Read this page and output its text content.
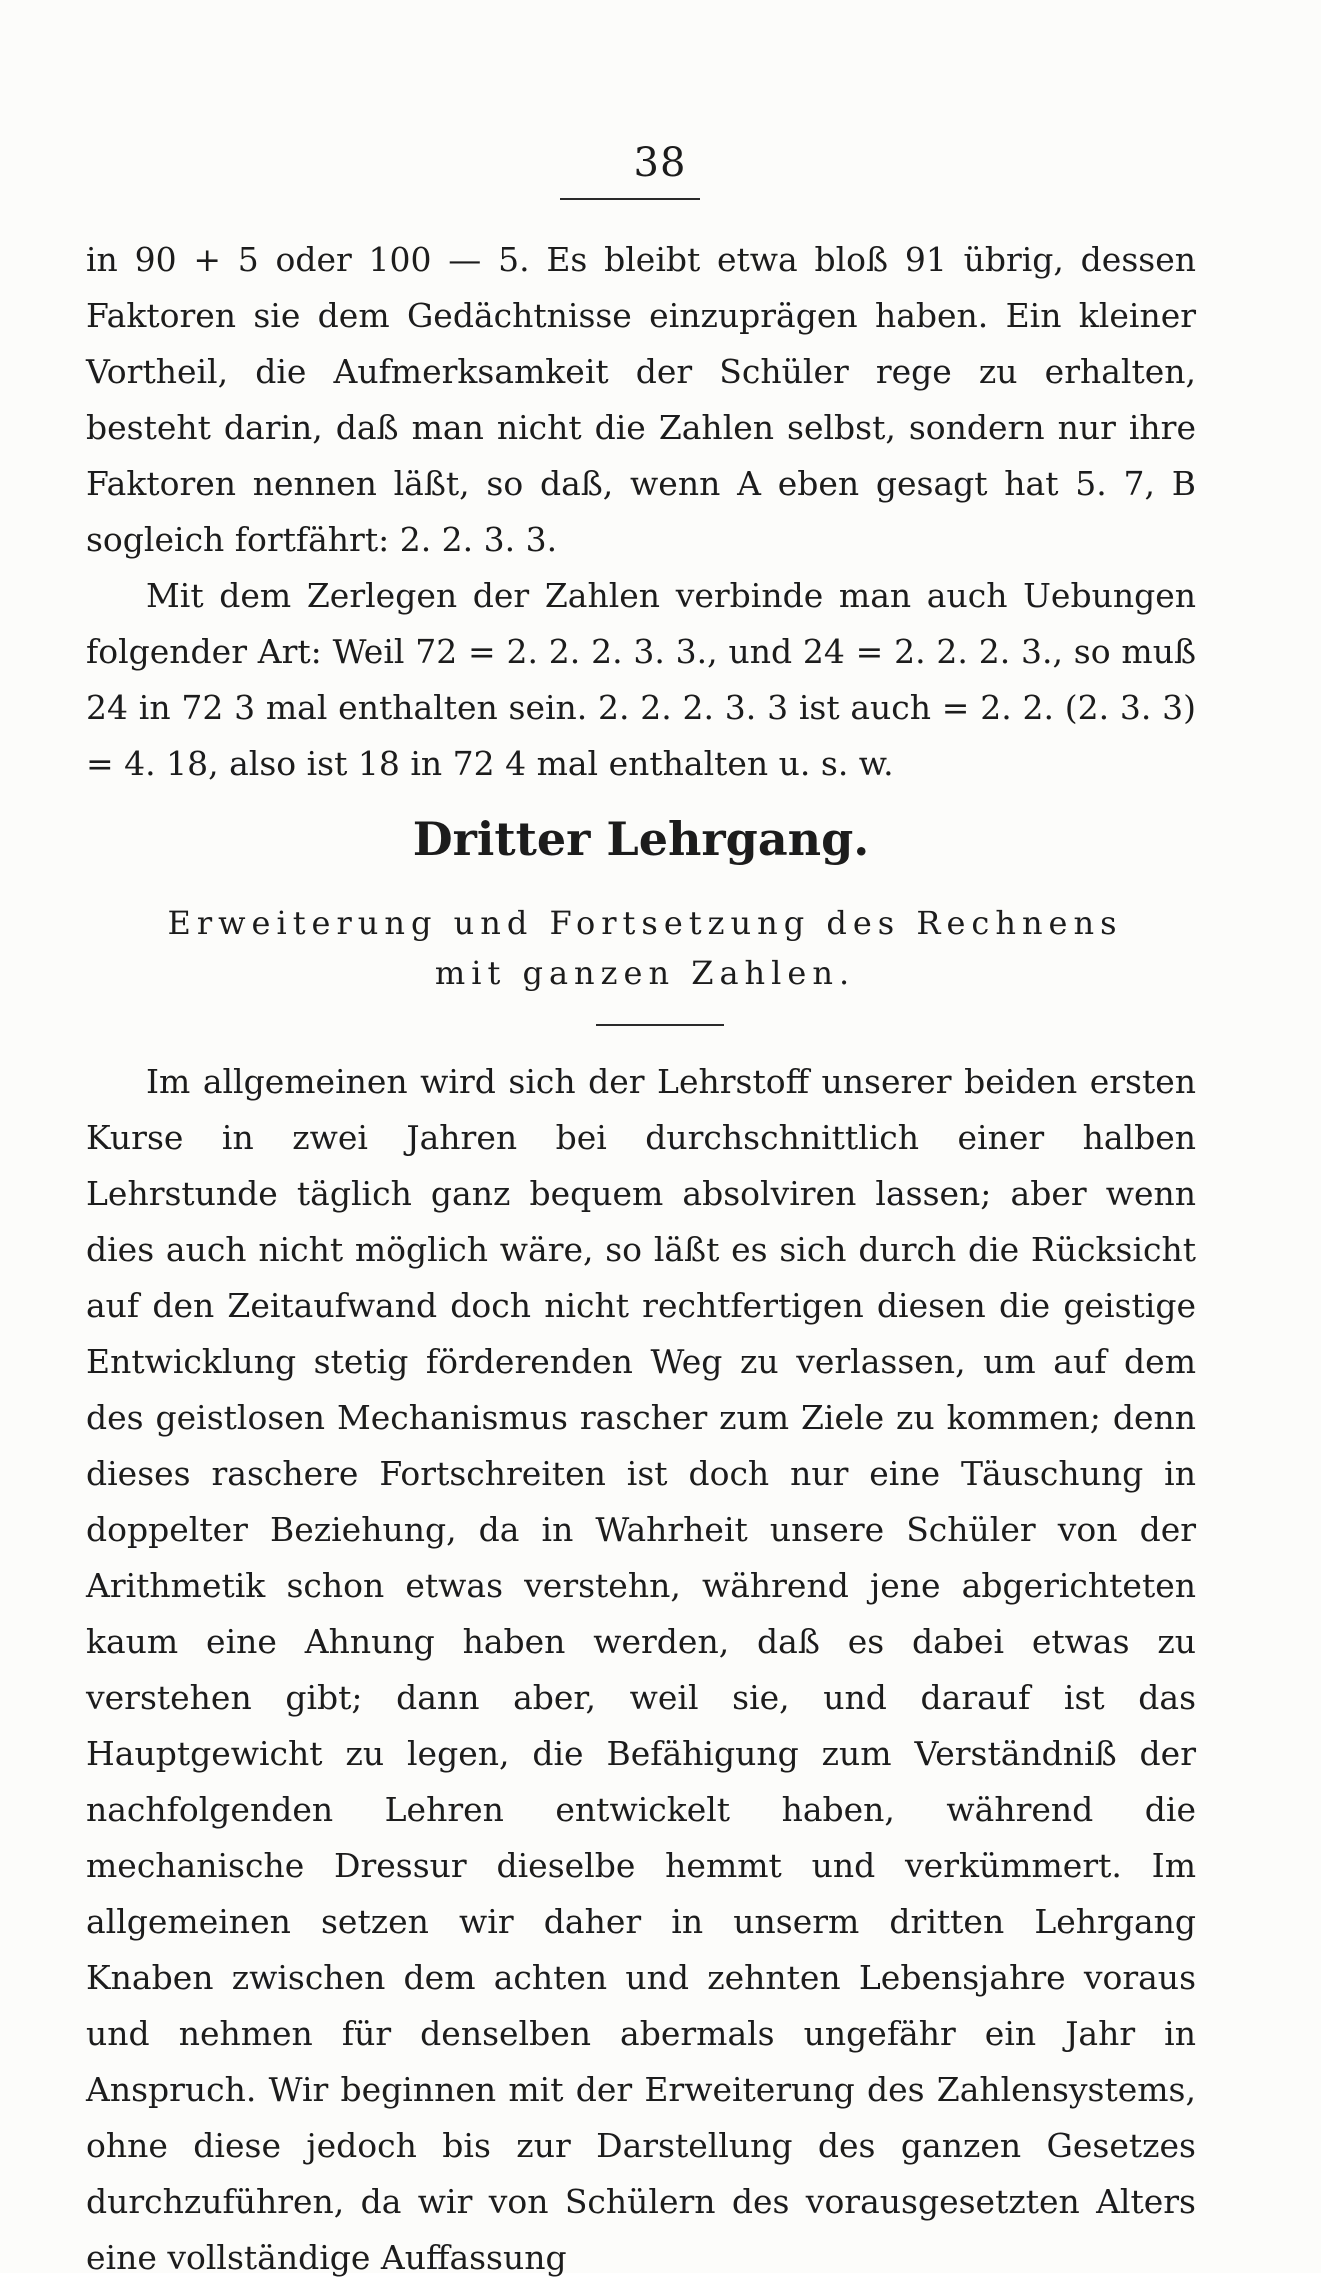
38

in 90 + 5 oder 100 — 5. Es bleibt etwa bloß 91 übrig, dessen Faktoren sie dem Gedächtnisse einzuprägen haben. Ein kleiner Vortheil, die Aufmerksamkeit der Schüler rege zu erhalten, besteht darin, daß man nicht die Zahlen selbst, sondern nur ihre Faktoren nennen läßt, so daß, wenn A eben gesagt hat 5. 7, B sogleich fortfährt: 2. 2. 3. 3.

Mit dem Zerlegen der Zahlen verbinde man auch Uebungen folgender Art: Weil 72 = 2. 2. 2. 3. 3., und 24 = 2. 2. 2. 3., so muß 24 in 72 3 mal enthalten sein. 2. 2. 2. 3. 3 ist auch = 2. 2. (2. 3. 3) = 4. 18, also ist 18 in 72 4 mal enthalten u. s. w.

Dritter Lehrgang.
Erweiterung und Fortsetzung des Rechnens mit ganzen Zahlen.

Im allgemeinen wird sich der Lehrstoff unserer beiden ersten Kurse in zwei Jahren bei durchschnittlich einer halben Lehrstunde täglich ganz bequem absolviren lassen; aber wenn dies auch nicht möglich wäre, so läßt es sich durch die Rücksicht auf den Zeitaufwand doch nicht rechtfertigen diesen die geistige Entwicklung stetig förderenden Weg zu verlassen, um auf dem des geistlosen Mechanismus rascher zum Ziele zu kommen; denn dieses raschere Fortschreiten ist doch nur eine Täuschung in doppelter Beziehung, da in Wahrheit unsere Schüler von der Arithmetik schon etwas verstehn, während jene abgerichteten kaum eine Ahnung haben werden, daß es dabei etwas zu verstehen gibt; dann aber, weil sie, und darauf ist das Hauptgewicht zu legen, die Befähigung zum Verständniß der nachfolgenden Lehren entwickelt haben, während die mechanische Dressur dieselbe hemmt und verkümmert. Im allgemeinen setzen wir daher in unserm dritten Lehrgang Knaben zwischen dem achten und zehnten Lebensjahre voraus und nehmen für denselben abermals ungefähr ein Jahr in Anspruch. Wir beginnen mit der Erweiterung des Zahlensystems, ohne diese jedoch bis zur Darstellung des ganzen Gesetzes durchzuführen, da wir von Schülern des vorausgesetzten Alters eine vollständige Auffassung
